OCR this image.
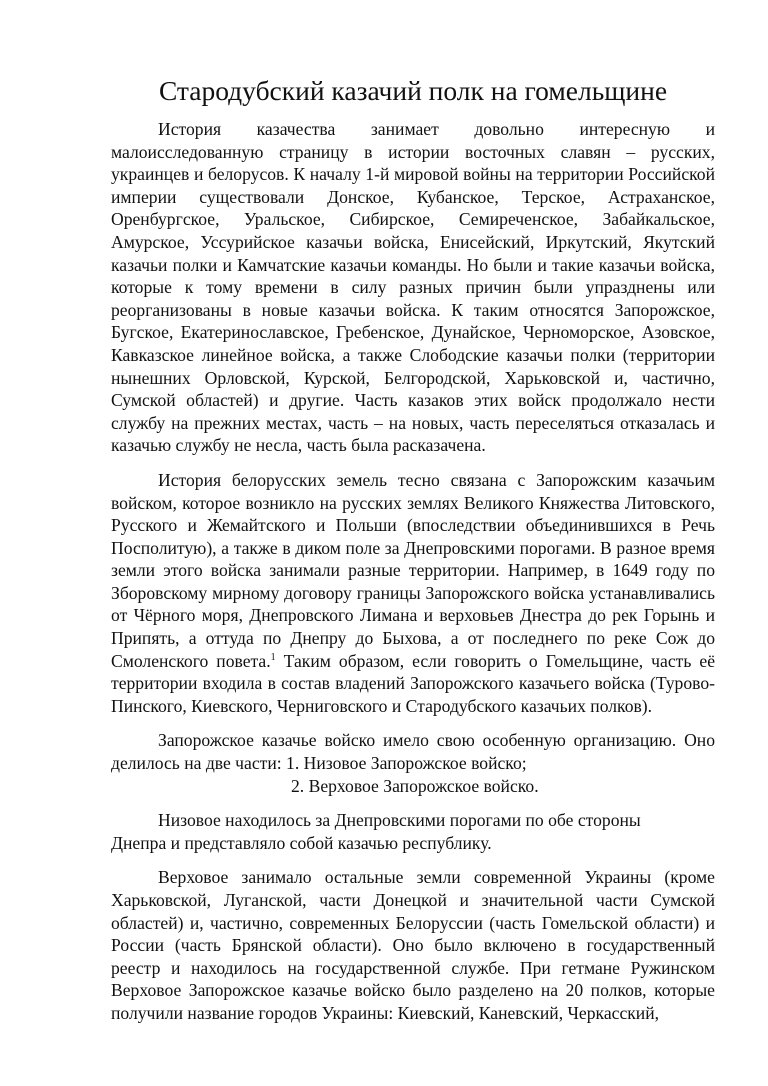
Стародубский казачий полк на гомельщине

История казачества занимает довольно интересную и малоисследованную страницу в истории восточных славян – русских, украинцев и белорусов. К началу 1-й мировой войны на территории Российской империи существовали Донское, Кубанское, Терское, Астраханское, Оренбургское, Уральское, Сибирское, Семиреченское, Забайкальское, Амурское, Уссурийское казачьи войска, Енисейский, Иркутский, Якутский казачьи полки и Камчатские казачьи команды. Но были и такие казачьи войска, которые к тому времени в силу разных причин были упразднены или реорганизованы в новые казачьи войска. К таким относятся Запорожское, Бугское, Екатеринославское, Гребенское, Дунайское, Черноморское, Азовское, Кавказское линейное войска, а также Слободские казачьи полки (территории нынешних Орловской, Курской, Белгородской, Харьковской и, частично, Сумской областей) и другие. Часть казаков этих войск продолжало нести службу на прежних местах, часть – на новых, часть переселяться отказалась и казачью службу не несла, часть была расказачена.

История белорусских земель тесно связана с Запорожским казачьим войском, которое возникло на русских землях Великого Княжества Литовского, Русского и Жемайтского и Польши (впоследствии объединившихся в Речь Посполитую), а также в диком поле за Днепровскими порогами. В разное время земли этого войска занимали разные территории. Например, в 1649 году по Зборовскому мирному договору границы Запорожского войска устанавливались от Чёрного моря, Днепровского Лимана и верховьев Днестра до рек Горынь и Припять, а оттуда по Днепру до Быхова, а от последнего по реке Сож до Смоленского повета.$^1$ Таким образом, если говорить о Гомельщине, часть её территории входила в состав владений Запорожского казачьего войска (Турово-Пинского, Киевского, Черниговского и Стародубского казачьих полков).

Запорожское казачье войско имело свою особенную организацию. Оно

делилось на две части: 1. Низовое Запорожское войско;

2. Верховое Запорожское войско.

Низовое находилось за Днепровскими порогами по обе стороны

Днепра и представляло собой казачью республику.

Верховое занимало остальные земли современной Украины (кроме Харьковской, Луганской, части Донецкой и значительной части Сумской областей) и, частично, современных Белоруссии (часть Гомельской области) и России (часть Брянской области). Оно было включено в государственный реестр и находилось на государственной службе. При гетмане Ружинском Верховое Запорожское казачье войско было разделено на 20 полков, которые получили название городов Украины: Киевский, Каневский, Черкасский,
